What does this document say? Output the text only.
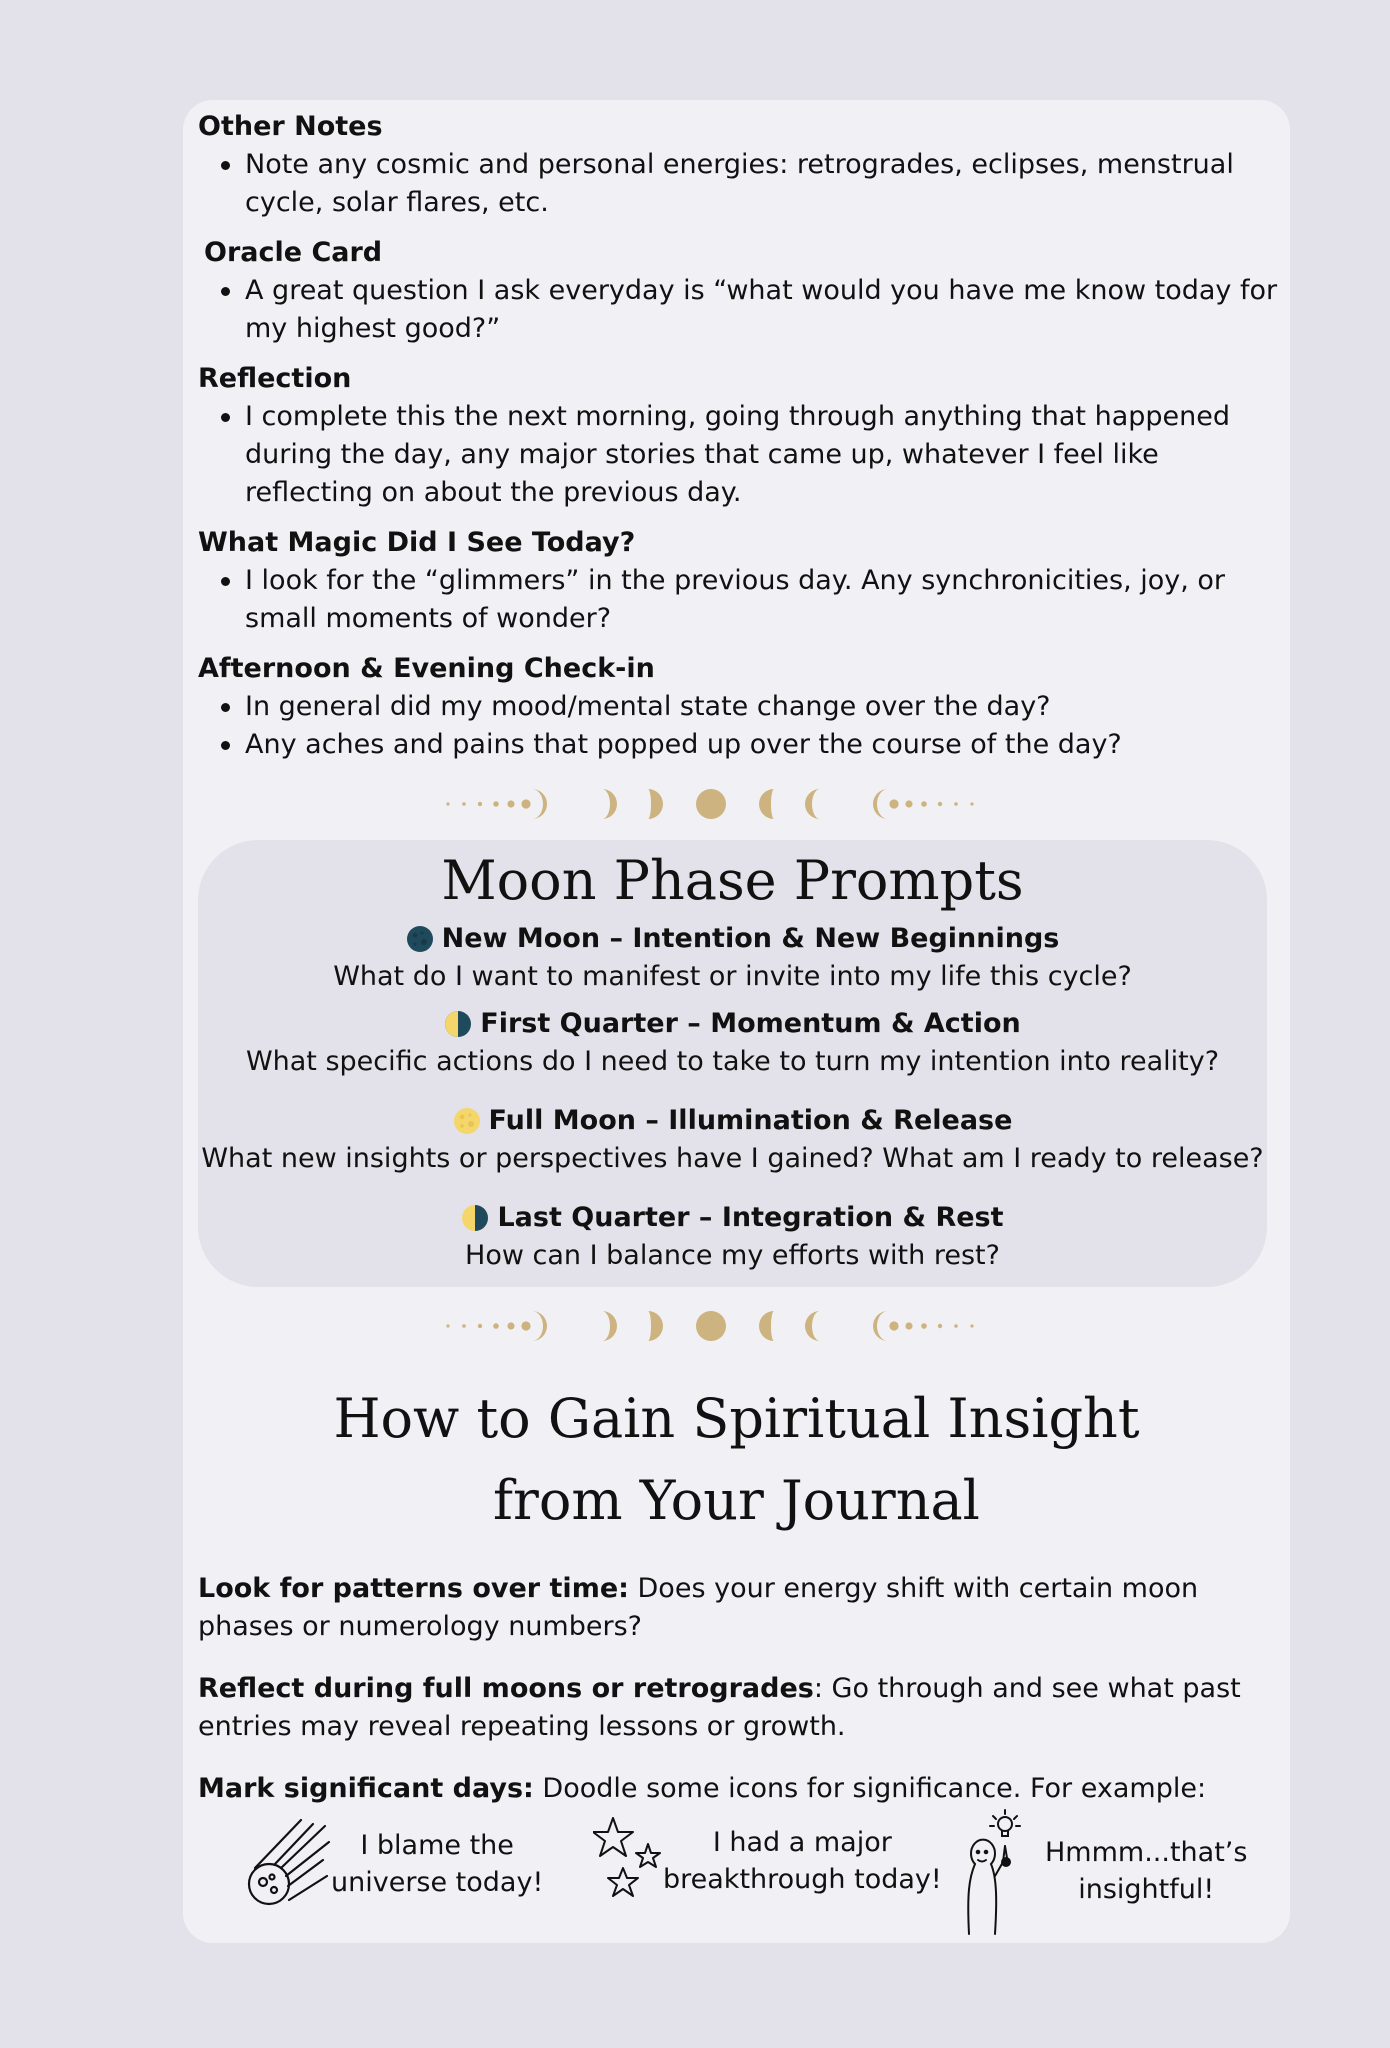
Other Notes

Note any cosmic and personal energies: retrogrades, eclipses, menstrual cycle, solar flares, etc.

Oracle Card

A great question I ask everyday is “what would you have me know today for my highest good?”

Reflection

I complete this the next morning, going through anything that happened during the day, any major stories that came up, whatever I feel like reflecting on about the previous day.

What Magic Did I See Today?

I look for the “glimmers” in the previous day. Any synchronicities, joy, or small moments of wonder?

Afternoon & Evening Check-in

In general did my mood/mental state change over the day?
Any aches and pains that popped up over the course of the day?
Moon Phase Prompts
New Moon – Intention & New Beginnings
What do I want to manifest or invite into my life this cycle?
First Quarter – Momentum & Action
What specific actions do I need to take to turn my intention into reality?
Full Moon – Illumination & Release
What new insights or perspectives have I gained? What am I ready to release?
Last Quarter – Integration & Rest
How can I balance my efforts with rest?
How to Gain Spiritual Insight
from Your Journal

Look for patterns over time: Does your energy shift with certain moon phases or numerology numbers?

Reflect during full moons or retrogrades: Go through and see what past entries may reveal repeating lessons or growth.

Mark significant days: Doodle some icons for significance. For example:

I blame the
universe today!
I had a major
breakthrough today!
Hmmm...that’s
insightful!
